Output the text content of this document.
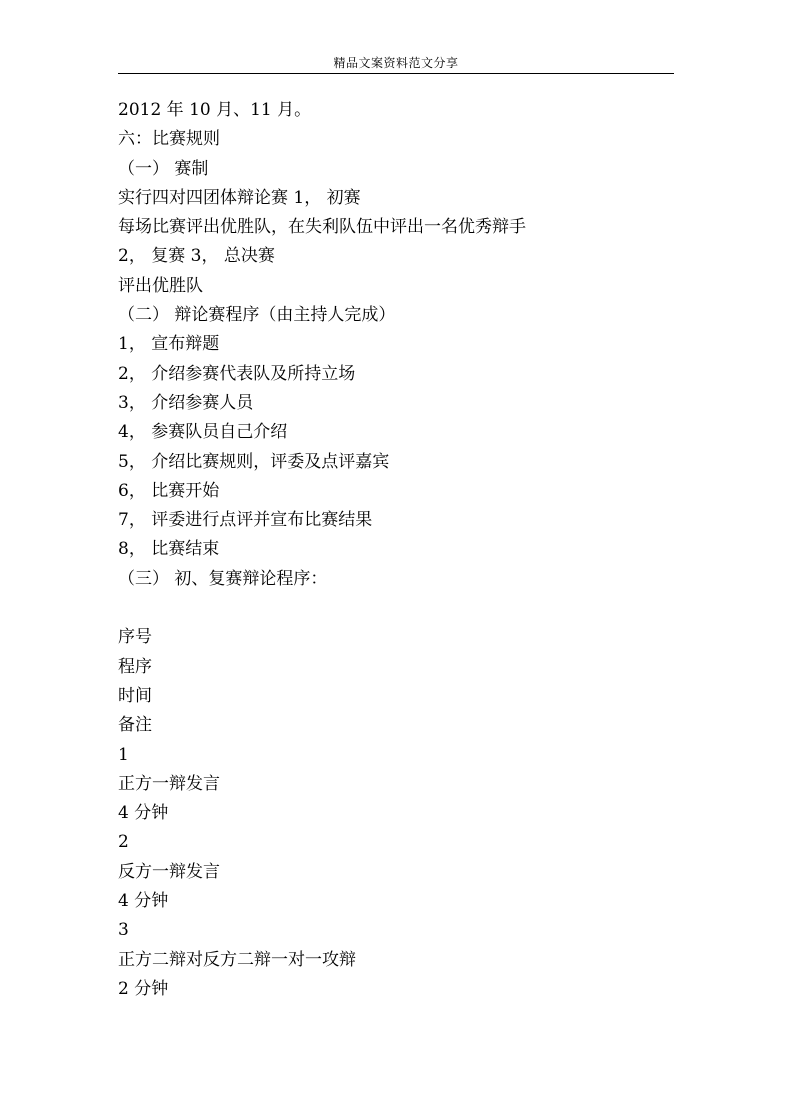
精品文案资料范文分享
2012 年 10 月、11 月。
六：比赛规则
（一） 赛制
实行四对四团体辩论赛 1， 初赛
每场比赛评出优胜队，在失利队伍中评出一名优秀辩手
2， 复赛 3， 总决赛
评出优胜队
（二） 辩论赛程序（由主持人完成）
1， 宣布辩题
2， 介绍参赛代表队及所持立场
3， 介绍参赛人员
4， 参赛队员自己介绍
5， 介绍比赛规则，评委及点评嘉宾
6， 比赛开始
7， 评委进行点评并宣布比赛结果
8， 比赛结束
（三） 初、复赛辩论程序：
序号
程序
时间
备注
1
正方一辩发言
4 分钟
2
反方一辩发言
4 分钟
3
正方二辩对反方二辩一对一攻辩
2 分钟
